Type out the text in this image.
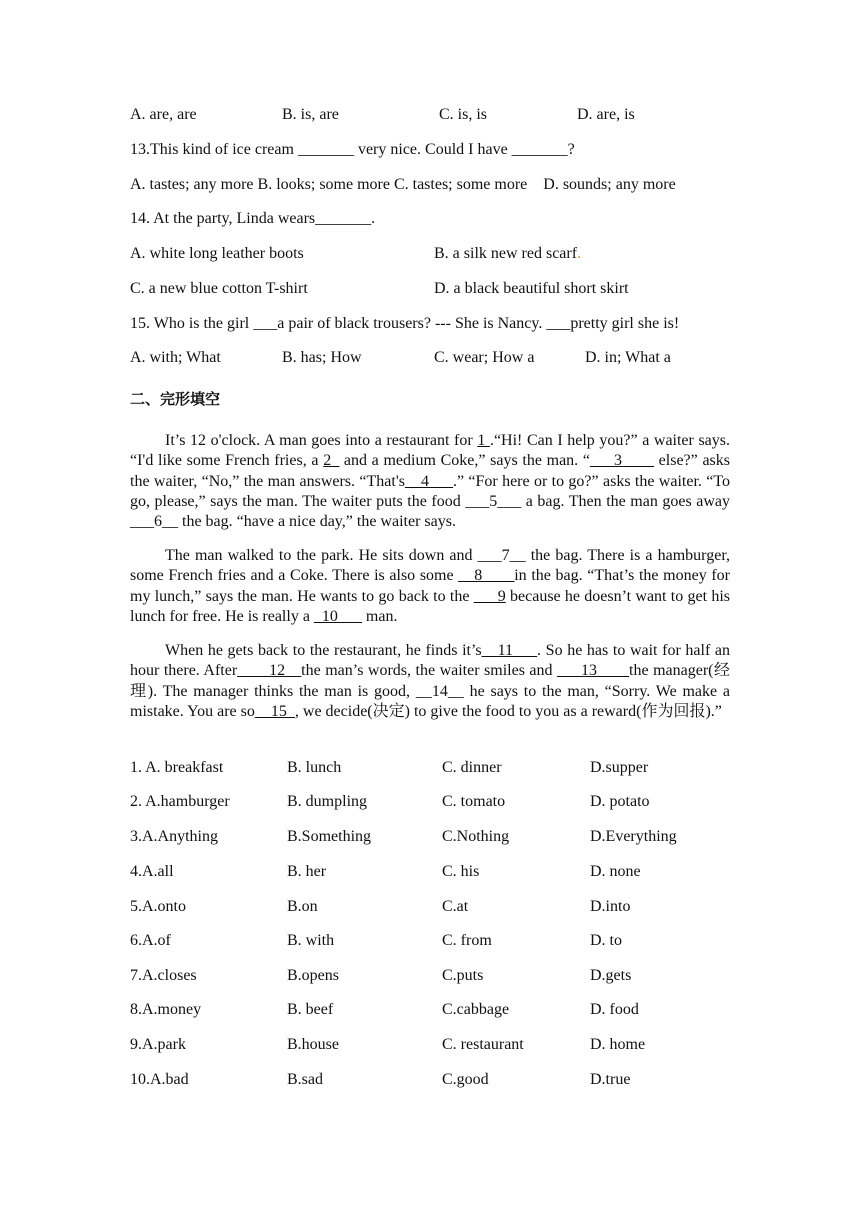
A. are, are	B. is, are	C. is, is	D. are, is
13.This kind of ice cream _______ very nice. Could I have _______?
A. tastes; any more B. looks; some more C. tastes; some more    D. sounds; any more
14. At the party, Linda wears_______.
A. white long leather boots	B. a silk new red scarf.
C. a new blue cotton T-shirt	D. a black beautiful short skirt
15. Who is the girl ___a pair of black trousers? --- She is Nancy. ___pretty girl she is!
A. with; What	B. has; How	C. wear; How a	D. in; What a
二、完形填空
It’s 12 o'clock. A man goes into a restaurant for 1 .“Hi! Can I help you?” a waiter says. “I'd like some French fries, a 2_ and a medium Coke,” says the man. “___3____ else?” asks the waiter, “No,” the man answers. “That's__4___.” “For here or to go?” asks the waiter. “To go, please,” says the man. The waiter puts the food ___5___ a bag. Then the man goes away ___6__ the bag. “have a nice day,” the waiter says.
The man walked to the park. He sits down and ___7__ the bag. There is a hamburger, some French fries and a Coke. There is also some __8____in the bag. “That’s the money for my lunch,” says the man. He wants to go back to the ___9 because he doesn’t want to get his lunch for free. He is really a _10___ man.
When he gets back to the restaurant, he finds it’s__11___. So he has to wait for half an hour there. After____12__the man’s words, the waiter smiles and ___13____the manager(经理). The manager thinks the man is good, __14__ he says to the man, “Sorry. We make a mistake. You are so__15_, we decide(决定) to give the food to you as a reward(作为回报).”
1. A. breakfast	B. lunch	C. dinner	D.supper
2. A.hamburger	B. dumpling	C. tomato	D. potato
3.A.Anything	B.Something	C.Nothing	D.Everything
4.A.all	B. her	C. his	D. none
5.A.onto	B.on	C.at	D.into
6.A.of	B. with	C. from	D. to
7.A.closes	B.opens	C.puts	D.gets
8.A.money	B. beef	C.cabbage	D. food
9.A.park	B.house	C. restaurant	D. home
10.A.bad	B.sad	C.good	D.true
